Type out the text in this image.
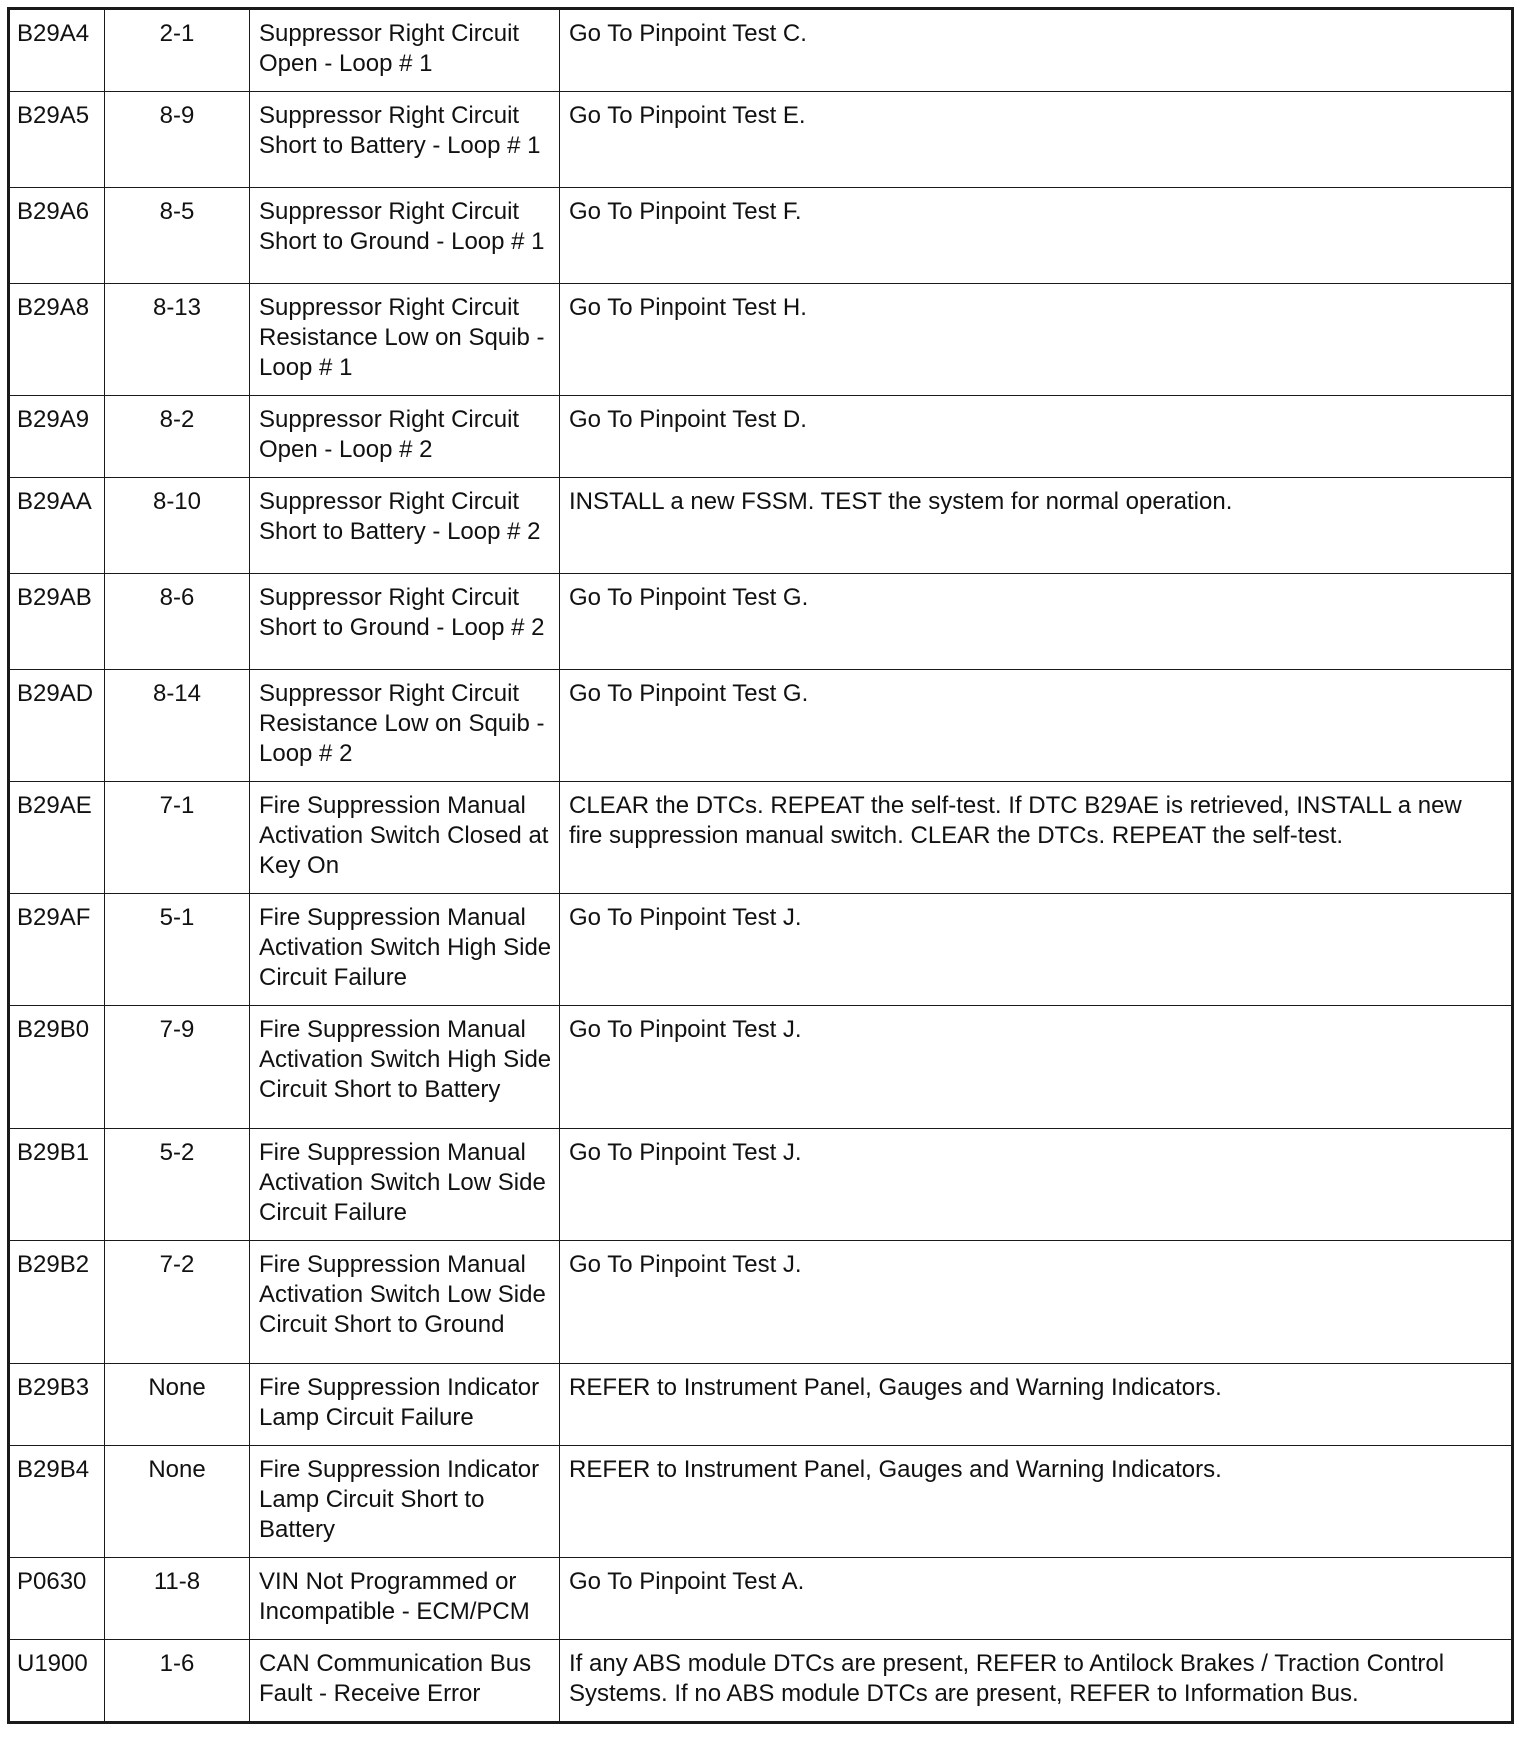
B29A4	2-1	Suppressor Right Circuit Open - Loop # 1	Go To Pinpoint Test C.
B29A5	8-9	Suppressor Right Circuit Short to Battery - Loop # 1	Go To Pinpoint Test E.
B29A6	8-5	Suppressor Right Circuit Short to Ground - Loop # 1	Go To Pinpoint Test F.
B29A8	8-13	Suppressor Right Circuit Resistance Low on Squib - Loop # 1	Go To Pinpoint Test H.
B29A9	8-2	Suppressor Right Circuit Open - Loop # 2	Go To Pinpoint Test D.
B29AA	8-10	Suppressor Right Circuit Short to Battery - Loop # 2	INSTALL a new FSSM. TEST the system for normal operation.
B29AB	8-6	Suppressor Right Circuit Short to Ground - Loop # 2	Go To Pinpoint Test G.
B29AD	8-14	Suppressor Right Circuit Resistance Low on Squib - Loop # 2	Go To Pinpoint Test G.
B29AE	7-1	Fire Suppression Manual Activation Switch Closed at Key On	CLEAR the DTCs. REPEAT the self-test. If DTC B29AE is retrieved, INSTALL a new fire suppression manual switch. CLEAR the DTCs. REPEAT the self-test.
B29AF	5-1	Fire Suppression Manual Activation Switch High Side Circuit Failure	Go To Pinpoint Test J.
B29B0	7-9	Fire Suppression Manual Activation Switch High Side Circuit Short to Battery	Go To Pinpoint Test J.
B29B1	5-2	Fire Suppression Manual Activation Switch Low Side Circuit Failure	Go To Pinpoint Test J.
B29B2	7-2	Fire Suppression Manual Activation Switch Low Side Circuit Short to Ground	Go To Pinpoint Test J.
B29B3	None	Fire Suppression Indicator Lamp Circuit Failure	REFER to Instrument Panel, Gauges and Warning Indicators.
B29B4	None	Fire Suppression Indicator Lamp Circuit Short to Battery	REFER to Instrument Panel, Gauges and Warning Indicators.
P0630	11-8	VIN Not Programmed or Incompatible - ECM/PCM	Go To Pinpoint Test A.
U1900	1-6	CAN Communication Bus Fault - Receive Error	If any ABS module DTCs are present, REFER to Antilock Brakes / Traction Control Systems. If no ABS module DTCs are present, REFER to Information Bus.
